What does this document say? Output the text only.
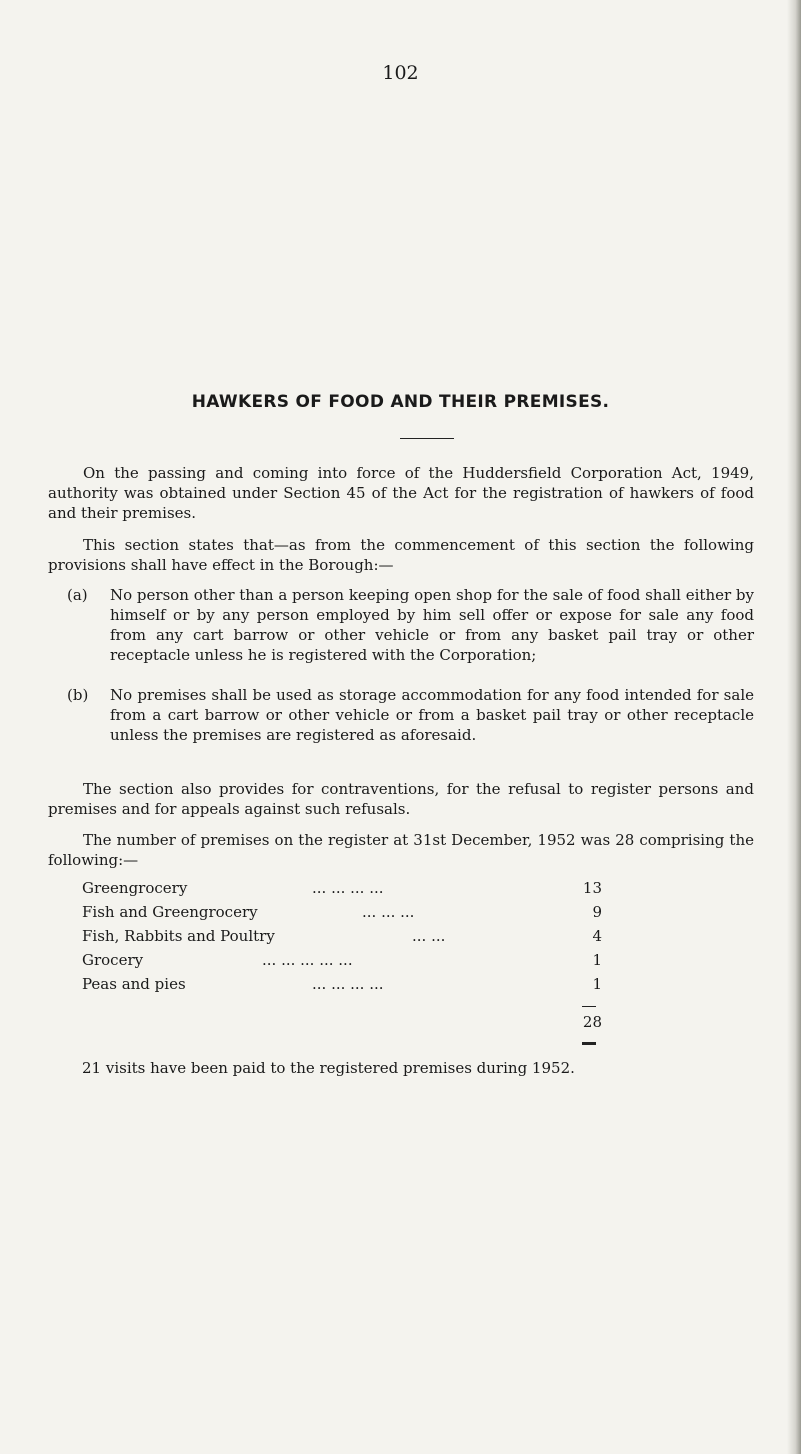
102
HAWKERS OF FOOD AND THEIR PREMISES.
On the passing and coming into force of the Huddersfield Corporation Act, 1949, authority was obtained under Section 45 of the Act for the registration of hawkers of food and their premises.
This section states that—as from the commencement of this section the following provisions shall have effect in the Borough:—
(a)	No person other than a person keeping open shop for the sale of food shall either by himself or by any person employed by him sell offer or expose for sale any food from any cart barrow or other vehicle or from any basket pail tray or other receptacle unless he is registered with the Corporation;
(b)	No premises shall be used as storage accommodation for any food intended for sale from a cart barrow or other vehicle or from a basket pail tray or other receptacle unless the premises are registered as aforesaid.
The section also provides for contraventions, for the refusal to register persons and premises and for appeals against such refusals.
The number of premises on the register at 31st December, 1952 was 28 comprising the following:—
Greengrocery	... ... ... ...	13
Fish and Greengrocery	... ... ...	9
Fish, Rabbits and Poultry	... ...	4
Grocery	... ... ... ... ...	1
Peas and pies	... ... ... ...	1
28
21 visits have been paid to the registered premises during 1952.
